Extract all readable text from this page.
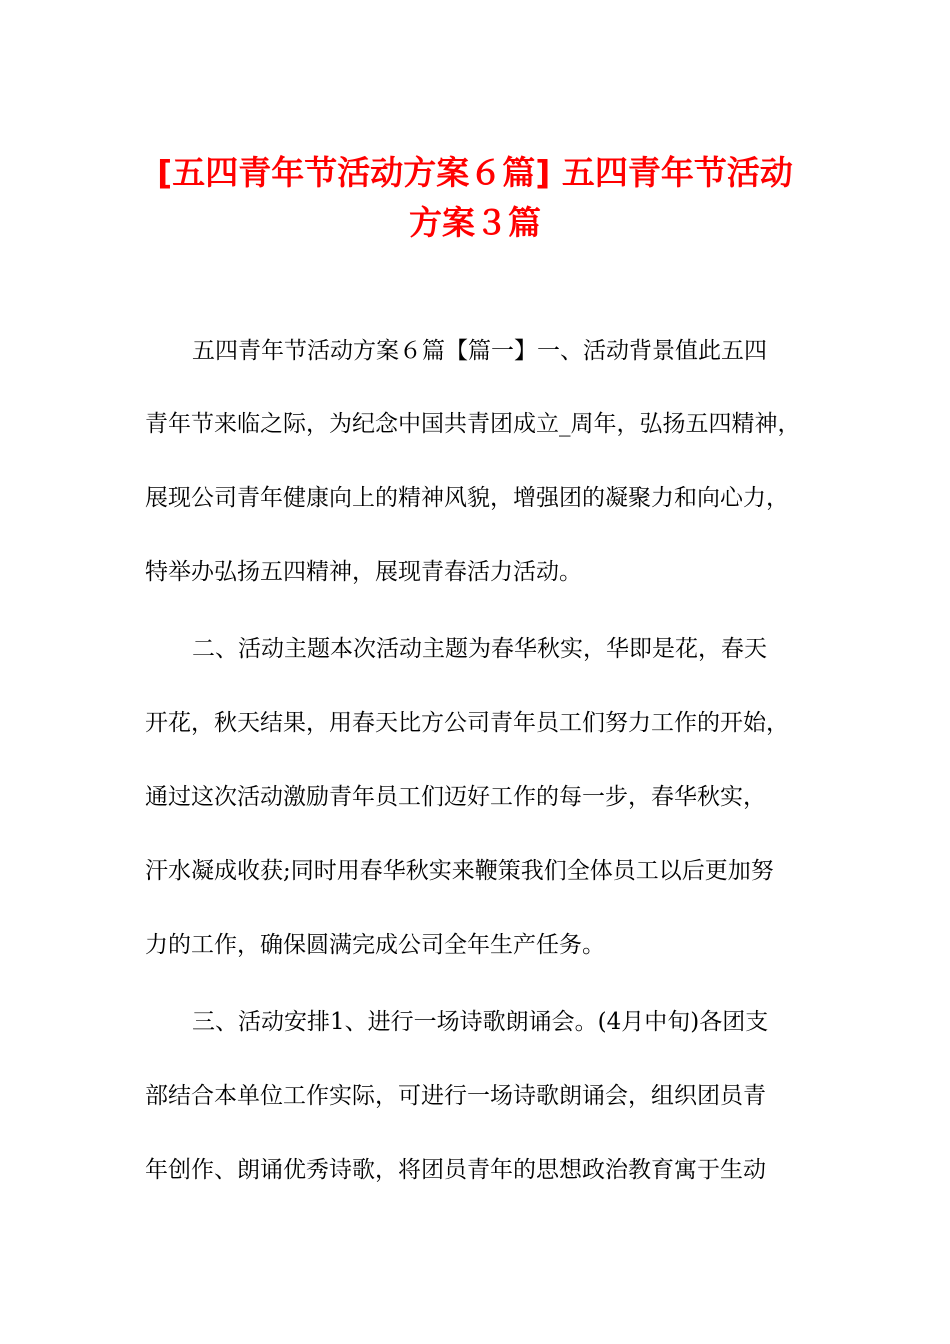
[五四青年节活动方案６篇] 五四青年节活动
方案３篇
五四青年节活动方案６篇【篇一】一、活动背景值此五四
青年节来临之际，为纪念中国共青团成立_周年，弘扬五四精神，
展现公司青年健康向上的精神风貌，增强团的凝聚力和向心力，
特举办弘扬五四精神，展现青春活力活动。
二、活动主题本次活动主题为春华秋实，华即是花，春天
开花，秋天结果，用春天比方公司青年员工们努力工作的开始，
通过这次活动激励青年员工们迈好工作的每一步，春华秋实，
汗水凝成收获;同时用春华秋实来鞭策我们全体员工以后更加努
力的工作，确保圆满完成公司全年生产任务。
三、活动安排1、进行一场诗歌朗诵会。(4月中旬)各团支
部结合本单位工作实际，可进行一场诗歌朗诵会，组织团员青
年创作、朗诵优秀诗歌，将团员青年的思想政治教育寓于生动
